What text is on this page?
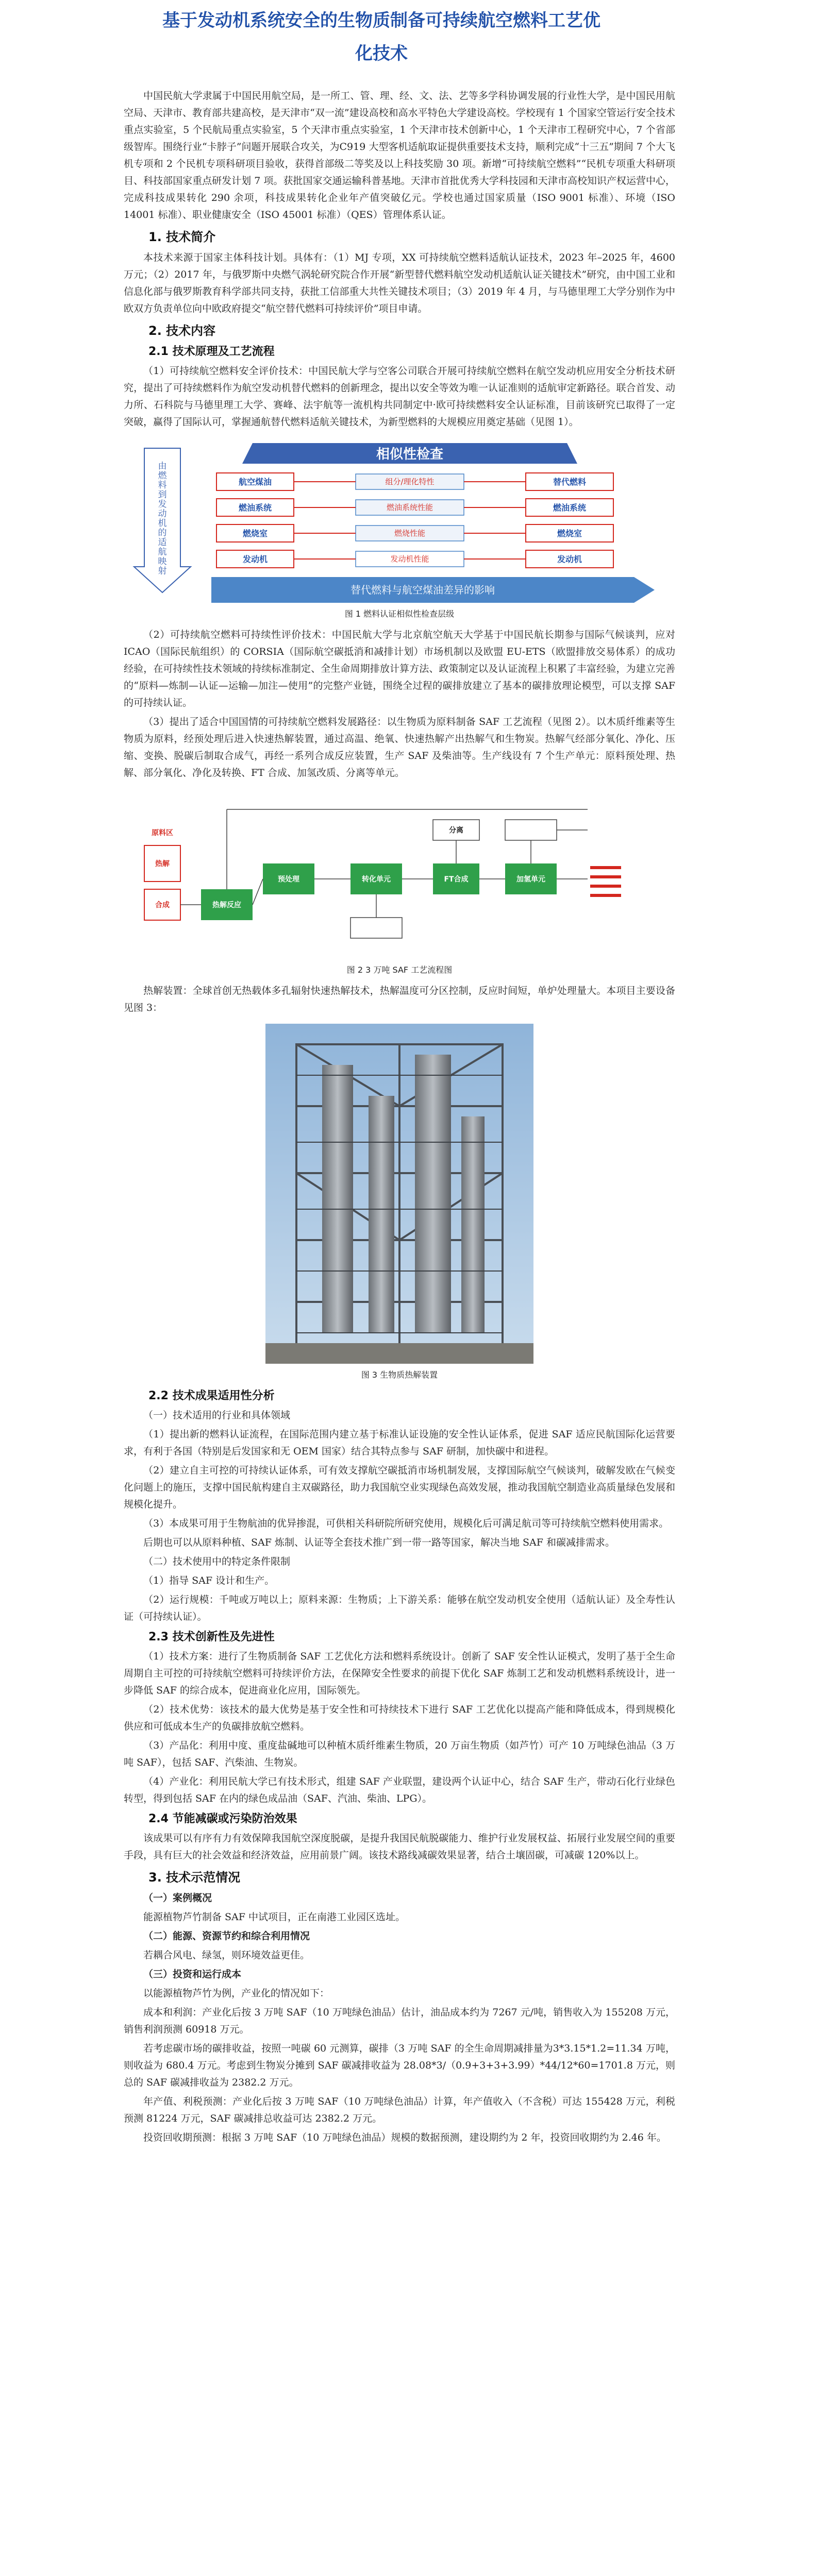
基于发动机系统安全的生物质制备可持续航空燃料工艺优
化技术

中国民航大学隶属于中国民用航空局，是一所工、管、理、经、文、法、艺等多学科协调发展的行业性大学，是中国民用航空局、天津市、教育部共建高校，是天津市“双一流”建设高校和高水平特色大学建设高校。学校现有 1 个国家空管运行安全技术重点实验室，5 个民航局重点实验室，5 个天津市重点实验室，1 个天津市技术创新中心，1 个天津市工程研究中心，7 个省部级智库。围绕行业“卡脖子”问题开展联合攻关，为C919 大型客机适航取证提供重要技术支持，顺利完成“十三五”期间 7 个大飞机专项和 2 个民机专项科研项目验收，获得首部级二等奖及以上科技奖励 30 项。新增“可持续航空燃料”“民机专项重大科研项目、科技部国家重点研发计划 7 项。获批国家交通运输科普基地。天津市首批优秀大学科技园和天津市高校知识产权运营中心，完成科技成果转化 290 余项，科技成果转化企业年产值突破亿元。学校也通过国家质量（ISO 9001 标准）、环境（ISO 14001 标准）、职业健康安全（ISO 45001 标准）（QES）管理体系认证。

1. 技术简介

本技术来源于国家主体科技计划。具体有：（1）MJ 专项，XX 可持续航空燃料适航认证技术，2023 年–2025 年，4600 万元；（2）2017 年，与俄罗斯中央燃气涡轮研究院合作开展“新型替代燃料航空发动机适航认证关键技术”研究，由中国工业和信息化部与俄罗斯教育科学部共同支持，获批工信部重大共性关键技术项目；（3）2019 年 4 月，与马德里理工大学分别作为中欧双方负责单位向中欧政府提交“航空替代燃料可持续评价”项目申请。

2. 技术内容
2.1 技术原理及工艺流程

（1）可持续航空燃料安全评价技术：中国民航大学与空客公司联合开展可持续航空燃料在航空发动机应用安全分析技术研究，提出了可持续燃料作为航空发动机替代燃料的创新理念，提出以安全等效为唯一认证准则的适航审定新路径。联合首发、动力所、石科院与马德里理工大学、赛峰、法宇航等一流机构共同制定中·欧可持续燃料安全认证标准，目前该研究已取得了一定突破，赢得了国际认可，掌握通航替代燃料适航关键技术，为新型燃料的大规模应用奠定基础（见图 1）。

由燃料到发动机的适航映射
相似性检查
航空煤油	替代燃料
组分/理化特性
燃油系统	燃油系统
燃油系统性能
燃烧室	燃烧室
燃烧性能
发动机	发动机
发动机性能
替代燃料与航空煤油差异的影响
图 1 燃料认证相似性检查层级

（2）可持续航空燃料可持续性评价技术：中国民航大学与北京航空航天大学基于中国民航长期参与国际气候谈判，应对 ICAO（国际民航组织）的 CORSIA（国际航空碳抵消和减排计划）市场机制以及欧盟 EU-ETS（欧盟排放交易体系）的成功经验，在可持续性技术领域的持续标准制定、全生命周期排放计算方法、政策制定以及认证流程上积累了丰富经验，为建立完善的“原料—炼制—认证—运输—加注—使用”的完整产业链，围绕全过程的碳排放建立了基本的碳排放理论模型，可以支撑 SAF 的可持续认证。

（3）提出了适合中国国情的可持续航空燃料发展路径：以生物质为原料制备 SAF 工艺流程（见图 2）。以木质纤维素等生物质为原料，经预处理后进入快速热解装置，通过高温、绝氧、快速热解产出热解气和生物炭。热解气经部分氧化、净化、压缩、变换、脱碳后制取合成气，再经一系列合成反应装置，生产 SAF 及柴油等。生产线设有 7 个生产单元：原料预处理、热解、部分氧化、净化及转换、FT 合成、加氢改质、分离等单元。

热解
合成
原料区
热解反应
预处理	转化单元	FT合成	加氢单元
分离
图 2 3 万吨 SAF 工艺流程图

热解装置：全球首创无热载体多孔辐射快速热解技术，热解温度可分区控制，反应时间短，单炉处理量大。本项目主要设备见图 3：

图 3 生物质热解装置
2.2 技术成果适用性分析

（一）技术适用的行业和具体领域

（1）提出新的燃料认证流程，在国际范围内建立基于标准认证设施的安全性认证体系，促进 SAF 适应民航国际化运营要求，有利于各国（特别是后发国家和无 OEM 国家）结合其特点参与 SAF 研制，加快碳中和进程。

（2）建立自主可控的可持续认证体系，可有效支撑航空碳抵消市场机制发展，支撑国际航空气候谈判，破解发欧在气候变化问题上的施压，支撑中国民航构建自主双碳路径，助力我国航空业实现绿色高效发展，推动我国航空制造业高质量绿色发展和规模化提升。

（3）本成果可用于生物航油的优异掺混，可供相关科研院所研究使用，规模化后可满足航司等可持续航空燃料使用需求。

后期也可以从原料种植、SAF 炼制、认证等全套技术推广到一带一路等国家，解决当地 SAF 和碳减排需求。

（二）技术使用中的特定条件限制

（1）指导 SAF 设计和生产。

（2）运行规模：千吨或万吨以上；原料来源：生物质；上下游关系：能够在航空发动机安全使用（适航认证）及全寿性认证（可持续认证）。

2.3 技术创新性及先进性

（1）技术方案：进行了生物质制备 SAF 工艺优化方法和燃料系统设计。创新了 SAF 安全性认证模式，发明了基于全生命周期自主可控的可持续航空燃料可持续评价方法，在保障安全性要求的前提下优化 SAF 炼制工艺和发动机燃料系统设计，进一步降低 SAF 的综合成本，促进商业化应用，国际领先。

（2）技术优势：该技术的最大优势是基于安全性和可持续技术下进行 SAF 工艺优化以提高产能和降低成本，得到规模化供应和可低成本生产的负碳排放航空燃料。

（3）产品化：利用中度、重度盐碱地可以种植木质纤维素生物质，20 万亩生物质（如芦竹）可产 10 万吨绿色油品（3 万吨 SAF），包括 SAF、汽柴油、生物炭。

（4）产业化：利用民航大学已有技术形式，组建 SAF 产业联盟，建设两个认证中心，结合 SAF 生产，带动石化行业绿色转型，得到包括 SAF 在内的绿色成品油（SAF、汽油、柴油、LPG）。

2.4 节能减碳或污染防治效果

该成果可以有序有力有效保障我国航空深度脱碳，是提升我国民航脱碳能力、维护行业发展权益、拓展行业发展空间的重要手段，具有巨大的社会效益和经济效益，应用前景广阔。该技术路线减碳效果显著，结合土壤固碳，可减碳 120%以上。

3. 技术示范情况

（一）案例概况

能源植物芦竹制备 SAF 中试项目，正在南港工业园区选址。

（二）能源、资源节约和综合利用情况

若耦合风电、绿氢，则环境效益更佳。

（三）投资和运行成本

以能源植物芦竹为例，产业化的情况如下：

成本和利润：产业化后按 3 万吨 SAF（10 万吨绿色油品）估计，油品成本约为 7267 元/吨，销售收入为 155208 万元，销售利润预测 60918 万元。

若考虑碳市场的碳排收益，按照一吨碳 60 元测算，碳排（3 万吨 SAF 的全生命周期减排量为3*3.15*1.2=11.34 万吨，则收益为 680.4 万元。考虑到生物炭分摊到 SAF 碳减排收益为 28.08*3/（0.9+3+3+3.99）*44/12*60=1701.8 万元，则总的 SAF 碳减排收益为 2382.2 万元。

年产值、利税预测：产业化后按 3 万吨 SAF（10 万吨绿色油品）计算，年产值收入（不含税）可达 155428 万元，利税预测 81224 万元，SAF 碳减排总收益可达 2382.2 万元。

投资回收期预测：根据 3 万吨 SAF（10 万吨绿色油品）规模的数据预测，建设期约为 2 年，投资回收期约为 2.46 年。
